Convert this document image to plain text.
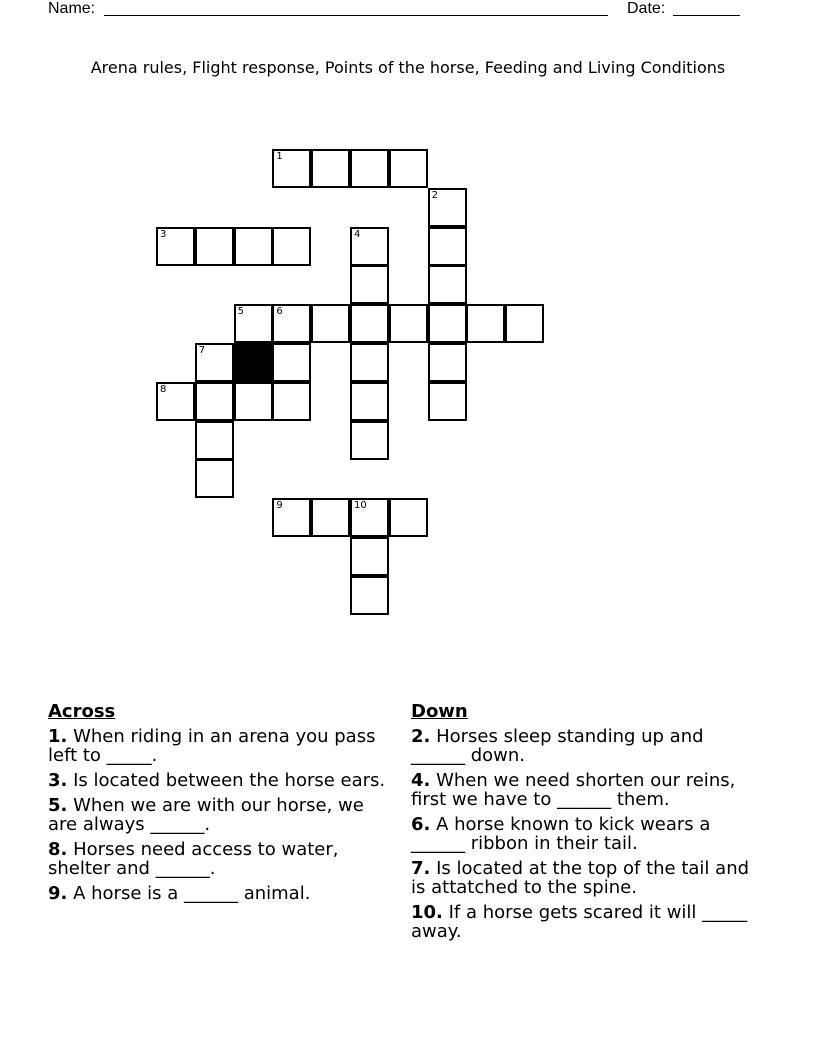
Name:	Date:
Arena rules, Flight response, Points of the horse, Feeding and Living Conditions
1
2
3	4
5	6
7
8
9	10
Across
1. When riding in an arena you pass left to _____.
3. Is located between the horse ears.
5. When we are with our horse, we are always ______.
8. Horses need access to water, shelter and ______.
9. A horse is a ______ animal.
Down
2. Horses sleep standing up and ______ down.
4. When we need shorten our reins, first we have to ______ them.
6. A horse known to kick wears a ______ ribbon in their tail.
7. Is located at the top of the tail and is attatched to the spine.
10. If a horse gets scared it will _____ away.
